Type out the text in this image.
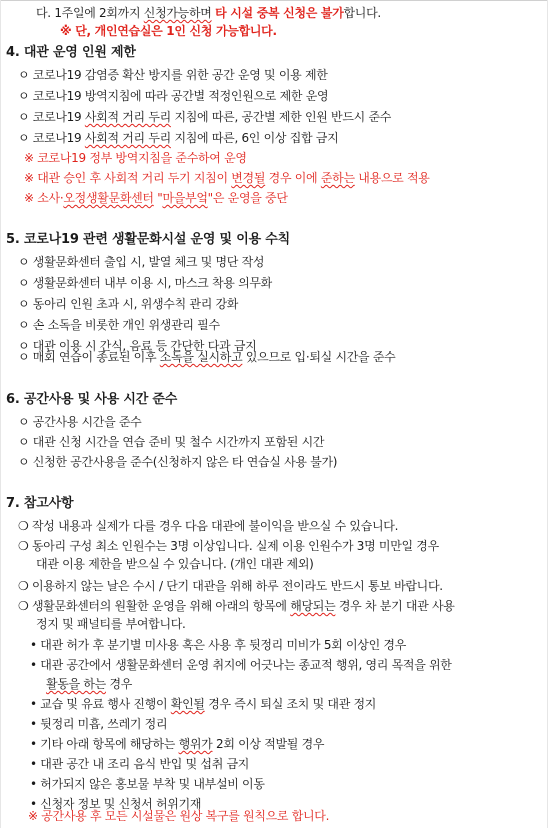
다. 1주일에 2회까지 신청가능하며 타 시설 중복 신청은 불가합니다.
※ 단, 개인연습실은 1인 신청 가능합니다.
4. 대관 운영 인원 제한
ㅇ 코로나19 감염증 확산 방지를 위한 공간 운영 및 이용 제한
ㅇ 코로나19 방역지침에 따라 공간별 적정인원으로 제한 운영
ㅇ 코로나19 사회적 거리 두리 지침에 따른, 공간별 제한 인원 반드시 준수
ㅇ 코로나19 사회적 거리 두리 지침에 따른, 6인 이상 집합 금지
※ 코로나19 정부 방역지침을 준수하여 운영
※ 대관 승인 후 사회적 거리 두기 지침이 변경될 경우 이에 준하는 내용으로 적용
※ 소사·오정생활문화센터 "마을부엌"은 운영을 중단
5. 코로나19 관련 생활문화시설 운영 및 이용 수칙
ㅇ 생활문화센터 출입 시, 발열 체크 및 명단 작성
ㅇ 생활문화센터 내부 이용 시, 마스크 착용 의무화
ㅇ 동아리 인원 초과 시, 위생수칙 관리 강화
ㅇ 손 소독을 비롯한 개인 위생관리 필수
ㅇ 대관 이용 시 간식, 음료 등 간단한 다과 금지
ㅇ 매회 연습이 종료된 이후 소독을 실시하고 있으므로 입·퇴실 시간을 준수
6. 공간사용 및 사용 시간 준수
ㅇ 공간사용 시간을 준수
ㅇ 대관 신청 시간을 연습 준비 및 철수 시간까지 포함된 시간
ㅇ 신청한 공간사용을 준수(신청하지 않은 타 연습실 사용 불가)
7. 참고사항
❍ 작성 내용과 실제가 다를 경우 다음 대관에 불이익을 받으실 수 있습니다.
❍ 동아리 구성 최소 인원수는 3명 이상입니다. 실제 이용 인원수가 3명 미만일 경우
대관 이용 제한을 받으실 수 있습니다. (개인 대관 제외)
❍ 이용하지 않는 날은 수시 / 단기 대관을 위해 하루 전이라도 반드시 통보 바랍니다.
❍ 생활문화센터의 원활한 운영을 위해 아래의 항목에 해당되는 경우 차 분기 대관 사용
정지 및 패널티를 부여합니다.
• 대관 허가 후 분기별 미사용 혹은 사용 후 뒷정리 미비가 5회 이상인 경우
• 대관 공간에서 생활문화센터 운영 취지에 어긋나는 종교적 행위, 영리 목적을 위한
활동을 하는 경우
• 교습 및 유료 행사 진행이 확인될 경우 즉시 퇴실 조치 및 대관 정지
• 뒷정리 미흡, 쓰레기 정리
• 기타 아래 항목에 해당하는 행위가 2회 이상 적발될 경우
• 대관 공간 내 조리 음식 반입 및 섭취 금지
• 허가되지 않은 홍보물 부착 및 내부설비 이동
• 신청자 정보 및 신청서 허위기재
※ 공간사용 후 모든 시설물은 원상 복구를 원칙으로 합니다.
